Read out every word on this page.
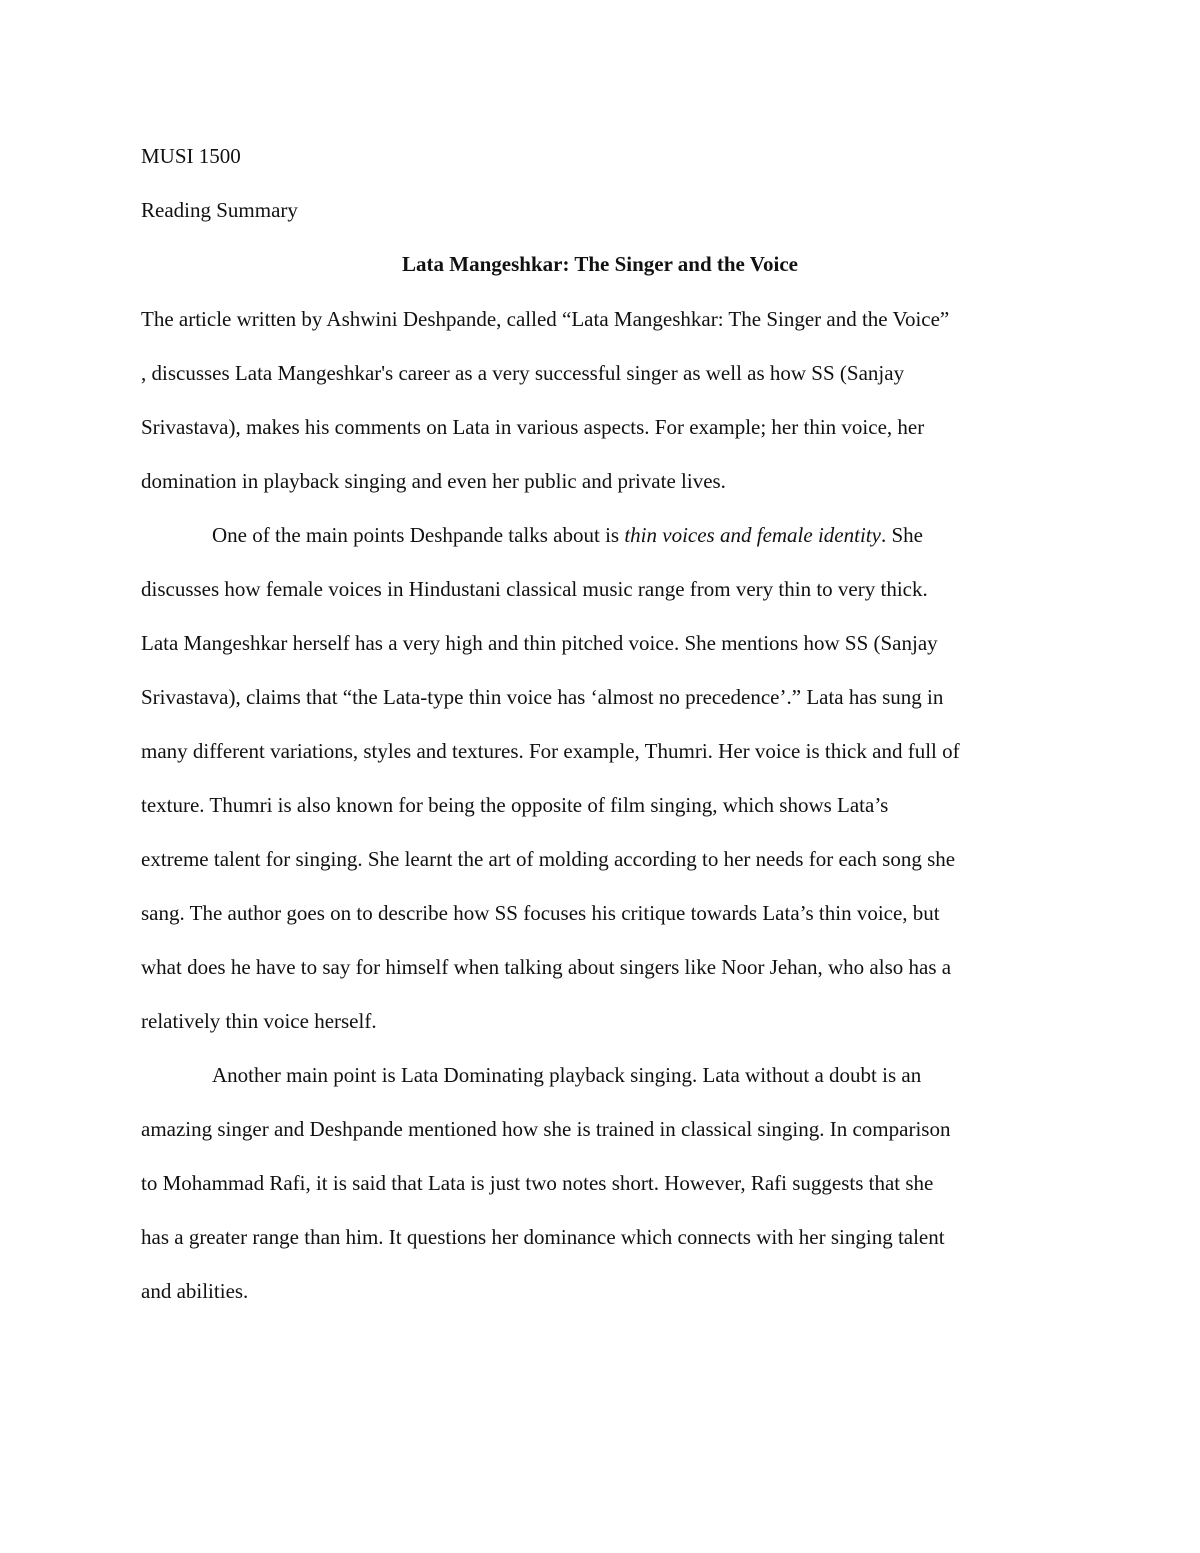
MUSI 1500
Reading Summary
Lata Mangeshkar: The Singer and the Voice
The article written by Ashwini Deshpande, called “Lata Mangeshkar: The Singer and the Voice”
, discusses Lata Mangeshkar's career as a very successful singer as well as how SS (Sanjay
Srivastava), makes his comments on Lata in various aspects. For example; her thin voice, her
domination in playback singing and even her public and private lives.
One of the main points Deshpande talks about is thin voices and female identity. She
discusses how female voices in Hindustani classical music range from very thin to very thick.
Lata Mangeshkar herself has a very high and thin pitched voice. She mentions how SS (Sanjay
Srivastava), claims that “the Lata-type thin voice has ‘almost no precedence’.” Lata has sung in
many different variations, styles and textures. For example, Thumri. Her voice is thick and full of
texture. Thumri is also known for being the opposite of film singing, which shows Lata’s
extreme talent for singing. She learnt the art of molding according to her needs for each song she
sang. The author goes on to describe how SS focuses his critique towards Lata’s thin voice, but
what does he have to say for himself when talking about singers like Noor Jehan, who also has a
relatively thin voice herself.
Another main point is Lata Dominating playback singing. Lata without a doubt is an
amazing singer and Deshpande mentioned how she is trained in classical singing. In comparison
to Mohammad Rafi, it is said that Lata is just two notes short. However, Rafi suggests that she
has a greater range than him. It questions her dominance which connects with her singing talent
and abilities.
